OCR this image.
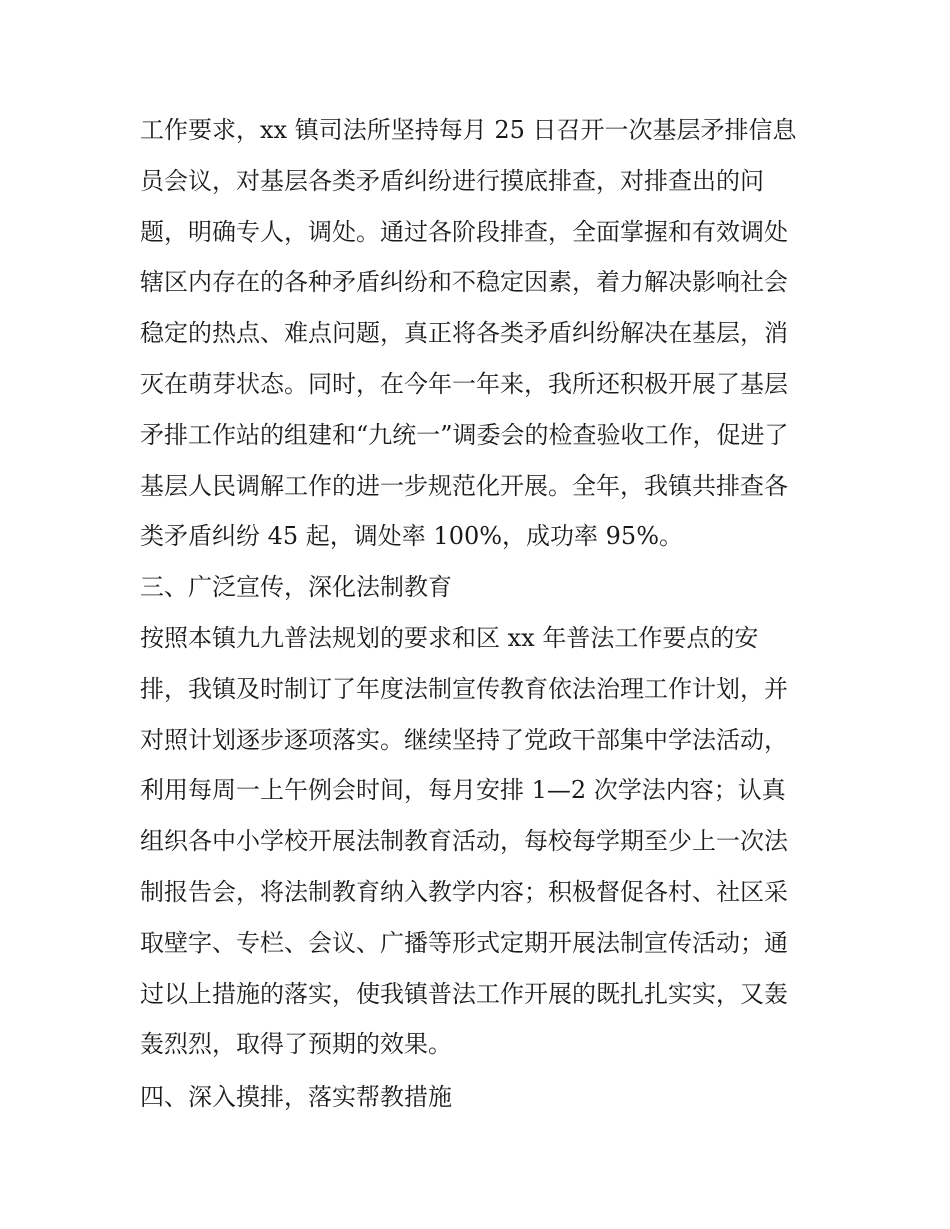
工作要求，xx 镇司法所坚持每月 25 日召开一次基层矛排信息
员会议，对基层各类矛盾纠纷进行摸底排查，对排查出的问
题，明确专人，调处。通过各阶段排查，全面掌握和有效调处
辖区内存在的各种矛盾纠纷和不稳定因素，着力解决影响社会
稳定的热点、难点问题，真正将各类矛盾纠纷解决在基层，消
灭在萌芽状态。同时，在今年一年来，我所还积极开展了基层
矛排工作站的组建和“九统一”调委会的检查验收工作，促进了
基层人民调解工作的进一步规范化开展。全年，我镇共排查各
类矛盾纠纷 45 起，调处率 100%，成功率 95%。
三、广泛宣传，深化法制教育
按照本镇九九普法规划的要求和区 xx 年普法工作要点的安
排，我镇及时制订了年度法制宣传教育依法治理工作计划，并
对照计划逐步逐项落实。继续坚持了党政干部集中学法活动，
利用每周一上午例会时间，每月安排 1—2 次学法内容；认真
组织各中小学校开展法制教育活动，每校每学期至少上一次法
制报告会，将法制教育纳入教学内容；积极督促各村、社区采
取壁字、专栏、会议、广播等形式定期开展法制宣传活动；通
过以上措施的落实，使我镇普法工作开展的既扎扎实实，又轰
轰烈烈，取得了预期的效果。
四、深入摸排，落实帮教措施
